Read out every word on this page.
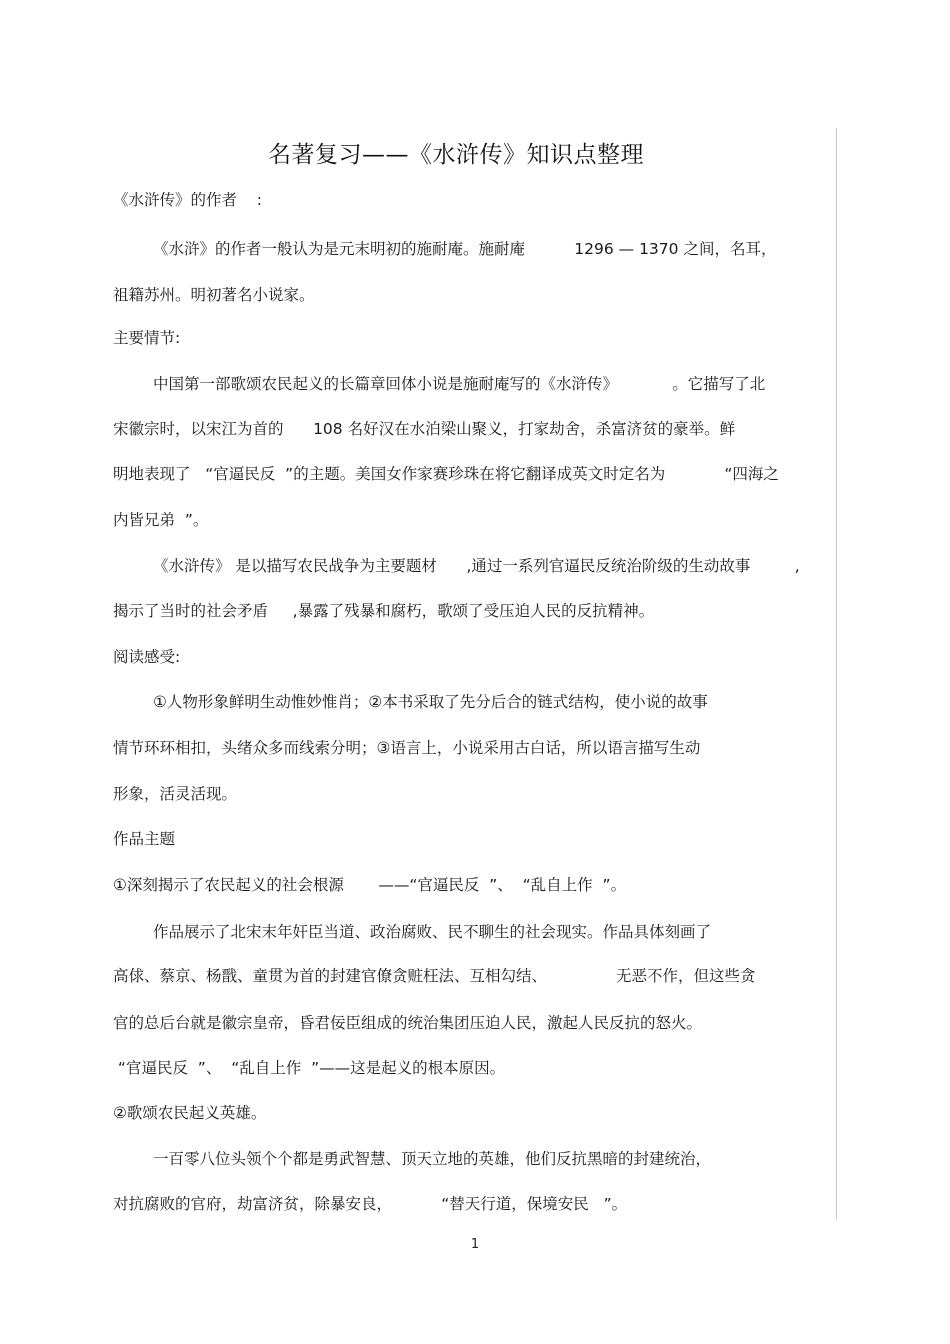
名著复习——《水浒传》知识点整理
《水浒传》的作者    :
《水浒》的作者一般认为是元末明初的施耐庵。施耐庵          1296 — 1370 之间，名耳，
祖籍苏州。明初著名小说家。
主要情节:
中国第一部歌颂农民起义的长篇章回体小说是施耐庵写的《水浒传》           。它描写了北
宋徽宗时，以宋江为首的      108 名好汉在水泊梁山聚义，打家劫舍，杀富济贫的豪举。鲜
明地表现了   “官逼民反  ”的主题。美国女作家赛珍珠在将它翻译成英文时定名为            “四海之
内皆兄弟  ”。
《水浒传》 是以描写农民战争为主要题材      ,通过一系列官逼民反统治阶级的生动故事         ,
揭示了当时的社会矛盾     ,暴露了残暴和腐朽，歌颂了受压迫人民的反抗精神。
阅读感受:
①人物形象鲜明生动惟妙惟肖；②本书采取了先分后合的链式结构，使小说的故事
情节环环相扣，头绪众多而线索分明；③语言上，小说采用古白话，所以语言描写生动
形象，活灵活现。
作品主题
①深刻揭示了农民起义的社会根源       ——“官逼民反  ”、  “乱自上作  ”。
作品展示了北宋末年奸臣当道、政治腐败、民不聊生的社会现实。作品具体刻画了
高俅、蔡京、杨戬、童贯为首的封建官僚贪赃枉法、互相勾结、              无恶不作，但这些贪
官的总后台就是徽宗皇帝，昏君佞臣组成的统治集团压迫人民，激起人民反抗的怒火。
“官逼民反  ”、  “乱自上作  ”——这是起义的根本原因。
②歌颂农民起义英雄。
一百零八位头领个个都是勇武智慧、顶天立地的英雄，他们反抗黑暗的封建统治，
对抗腐败的官府，劫富济贫，除暴安良，          “替天行道，保境安民   ”。
1
